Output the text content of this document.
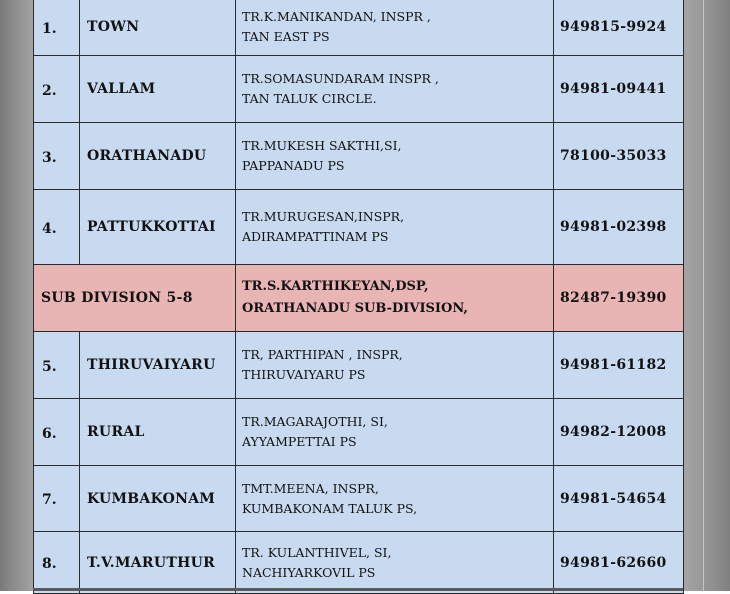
1.	TOWN	TR.K.MANIKANDAN, INSPR ,
TAN EAST PS	949815-9924
2.	VALLAM	TR.SOMASUNDARAM INSPR ,
TAN TALUK CIRCLE.	94981-09441
3.	ORATHANADU	TR.MUKESH SAKTHI,SI,
PAPPANADU PS	78100-35033
4.	PATTUKKOTTAI	TR.MURUGESAN,INSPR,
ADIRAMPATTINAM PS	94981-02398
SUB DIVISION 5-8		TR.S.KARTHIKEYAN,DSP,
ORATHANADU SUB-DIVISION,	82487-19390
5.	THIRUVAIYARU	TR, PARTHIPAN , INSPR,
THIRUVAIYARU PS	94981-61182
6.	RURAL	TR.MAGARAJOTHI, SI,
AYYAMPETTAI PS	94982-12008
7.	KUMBAKONAM	TMT.MEENA, INSPR,
KUMBAKONAM TALUK PS,	94981-54654
8.	T.V.MARUTHUR	TR. KULANTHIVEL, SI,
NACHIYARKOVIL PS	94981-62660
